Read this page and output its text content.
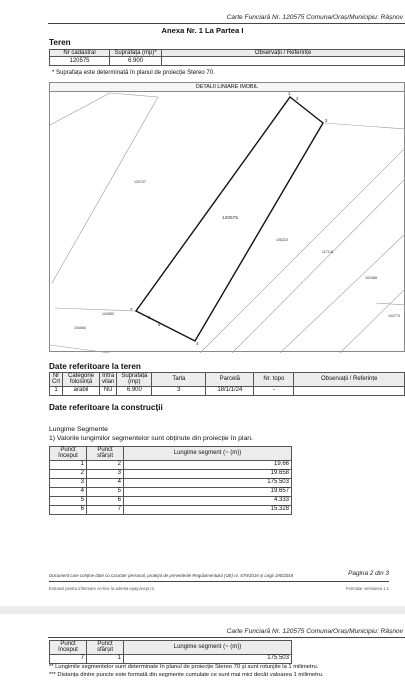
Carte Funciară Nr. 120575 Comuna/Oraș/Municipiu: Râșnov
Anexa Nr. 1 La Partea I
Teren
Nr cadastral	Suprafața (mp)*	Observații / Referințe
120575	6.900	
* Suprafața este determinată în planul de proiecție Stereo 70.
DETALII LINIARE IMOBIL
1
2
3
4
5
6
7
120575
120707
106223
117141
102488
104773
104580
104584
Date referitoare la teren
Nr Crt	Categorie folosință	Intra vilan	Suprafața (mp)	Tarla	Parcelă	Nr. topo	Observații / Referințe
1	arabil	NU	6.900	3	18/1/1/24	-	
Date referitoare la construcții
Lungime Segmente
1) Valorile lungimilor segmentelor sunt obținute din proiecție în plan.
Punct început	Punct sfârșit	Lungime segment (~ (m))
1	2	19.66
2	3	19.658
3	4	175.503
4	5	19.657
5	6	4.333
6	7	15.328
Document care conține date cu caracter personal, protejat de prevederile Regulamentului (UE) nr. 679/2016 și Legii 190/2018	Pagina 2 din 3
Extrasul pentru informare on-line la adresa epay.ancpi.ro	Formular versiunea 1.1
Carte Funciară Nr. 120575 Comuna/Oraș/Municipiu: Râșnov
Punct început	Punct sfârșit	Lungime segment (~ (m))
7	1	175.503
** Lungimile segmentelor sunt determinate în planul de proiecție Stereo 70 și sunt rotunjite la 1 milimetru.
*** Distanța dintre puncte este formată din segmente cumulate ce sunt mai mici decât valoarea 1 milimetru.
